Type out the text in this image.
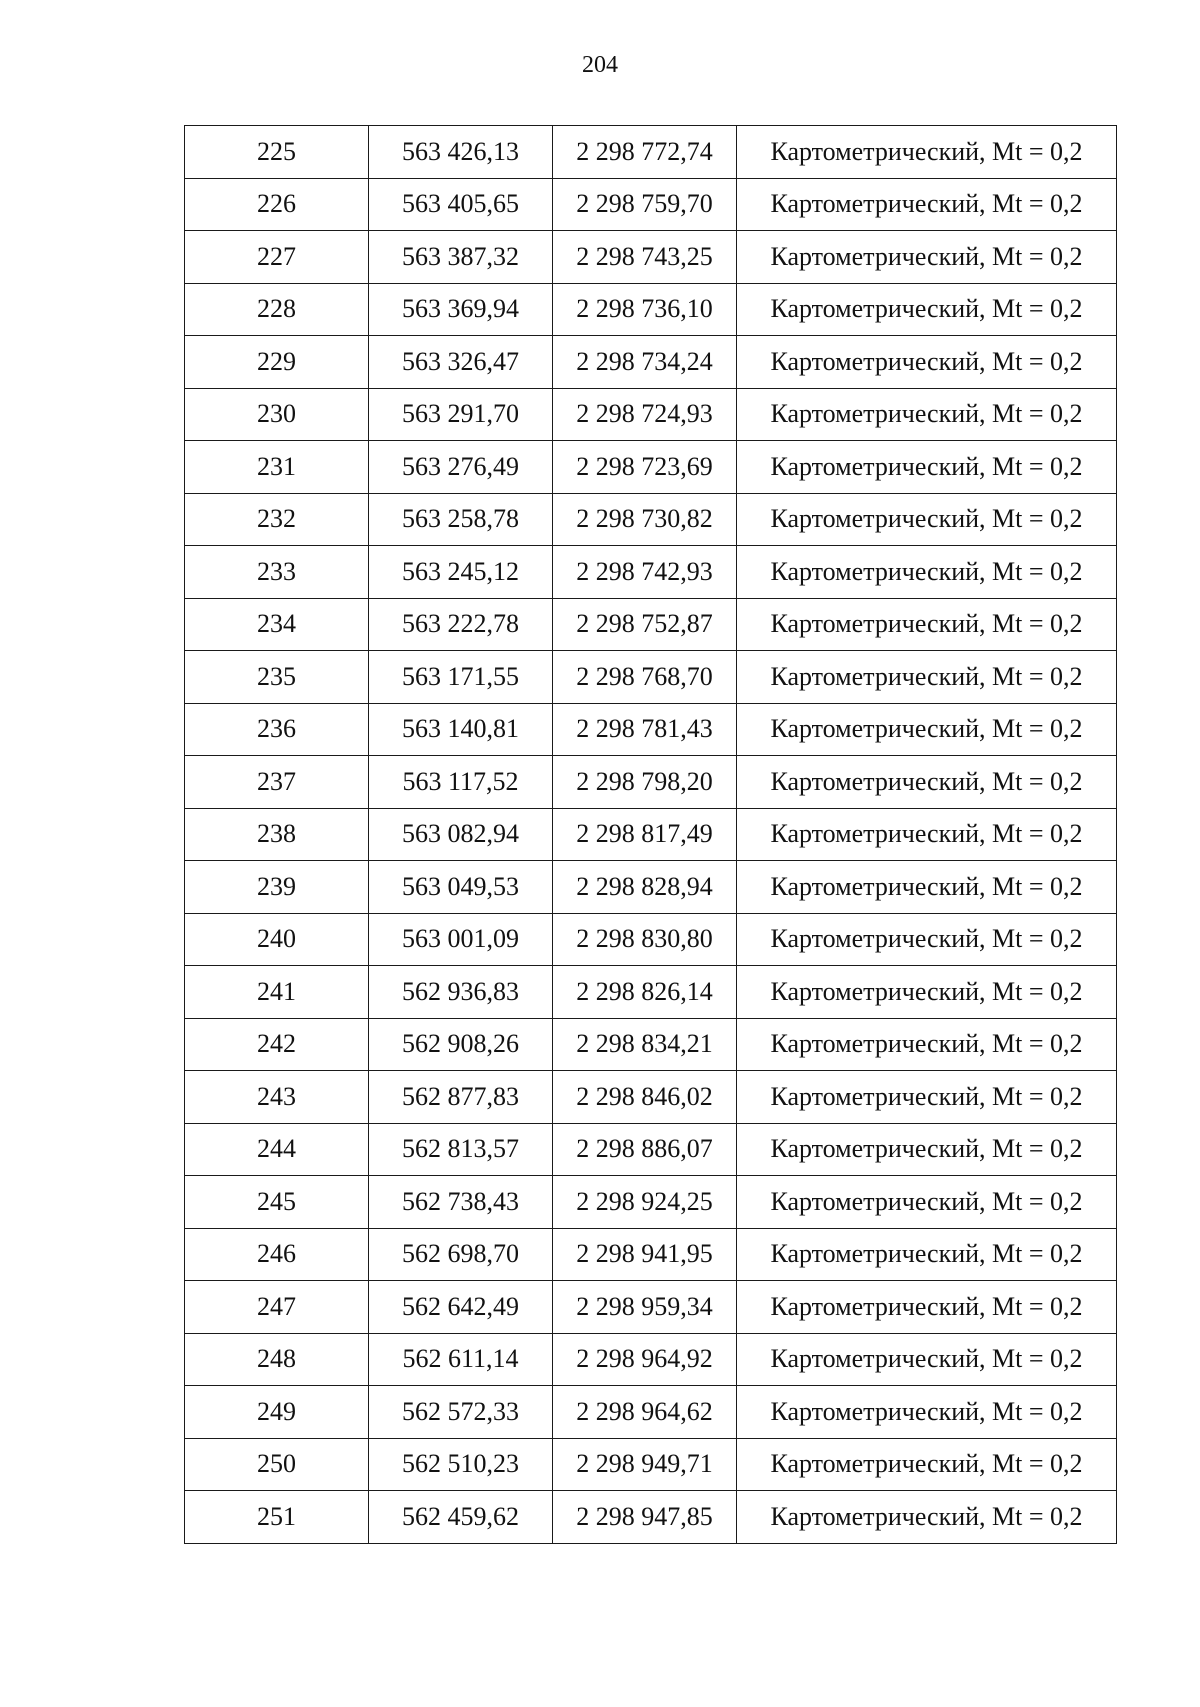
204
225	563 426,13	2 298 772,74	Картометрический, Mt = 0,2
226	563 405,65	2 298 759,70	Картометрический, Mt = 0,2
227	563 387,32	2 298 743,25	Картометрический, Mt = 0,2
228	563 369,94	2 298 736,10	Картометрический, Mt = 0,2
229	563 326,47	2 298 734,24	Картометрический, Mt = 0,2
230	563 291,70	2 298 724,93	Картометрический, Mt = 0,2
231	563 276,49	2 298 723,69	Картометрический, Mt = 0,2
232	563 258,78	2 298 730,82	Картометрический, Mt = 0,2
233	563 245,12	2 298 742,93	Картометрический, Mt = 0,2
234	563 222,78	2 298 752,87	Картометрический, Mt = 0,2
235	563 171,55	2 298 768,70	Картометрический, Mt = 0,2
236	563 140,81	2 298 781,43	Картометрический, Mt = 0,2
237	563 117,52	2 298 798,20	Картометрический, Mt = 0,2
238	563 082,94	2 298 817,49	Картометрический, Mt = 0,2
239	563 049,53	2 298 828,94	Картометрический, Mt = 0,2
240	563 001,09	2 298 830,80	Картометрический, Mt = 0,2
241	562 936,83	2 298 826,14	Картометрический, Mt = 0,2
242	562 908,26	2 298 834,21	Картометрический, Mt = 0,2
243	562 877,83	2 298 846,02	Картометрический, Mt = 0,2
244	562 813,57	2 298 886,07	Картометрический, Mt = 0,2
245	562 738,43	2 298 924,25	Картометрический, Mt = 0,2
246	562 698,70	2 298 941,95	Картометрический, Mt = 0,2
247	562 642,49	2 298 959,34	Картометрический, Mt = 0,2
248	562 611,14	2 298 964,92	Картометрический, Mt = 0,2
249	562 572,33	2 298 964,62	Картометрический, Mt = 0,2
250	562 510,23	2 298 949,71	Картометрический, Mt = 0,2
251	562 459,62	2 298 947,85	Картометрический, Mt = 0,2
